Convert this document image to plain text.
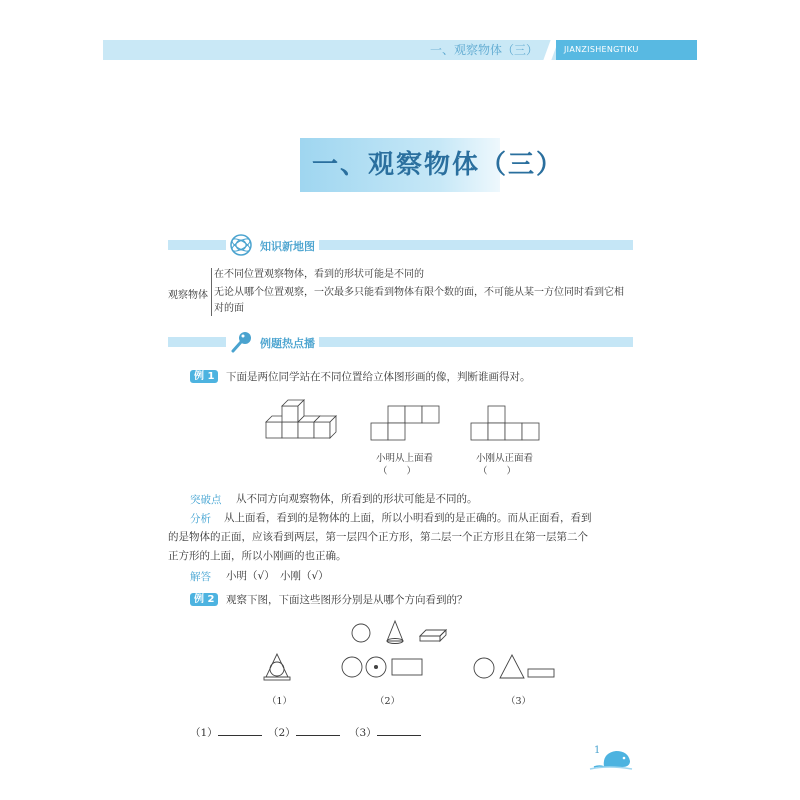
一、观察物体（三）	JIANZISHENGTIKU
一、观察物体（三）
知识新地图
观察物体
在不同位置观察物体，看到的形状可能是不同的
无论从哪个位置观察，一次最多只能看到物体有限个数的面，不可能从某一方位同时看到它相
对的面
例题热点播
例 1	下面是两位同学站在不同位置给立体图形画的像，判断谁画得对。
小明从上面看
（　　）
小刚从正面看
（　　）
突破点 从不同方向观察物体，所看到的形状可能是不同的。
分析 从上面看，看到的是物体的上面，所以小明看到的是正确的。而从正面看，看到
的是物体的正面，应该看到两层，第一层四个正方形，第二层一个正方形且在第一层第二个
正方形的上面，所以小刚画的也正确。
解答 小明（√）　小刚（√）
例 2	观察下图，下面这些图形分别是从哪个方向看到的？
（1）	（2）	（3）
（1）	（2）	（3）
1
